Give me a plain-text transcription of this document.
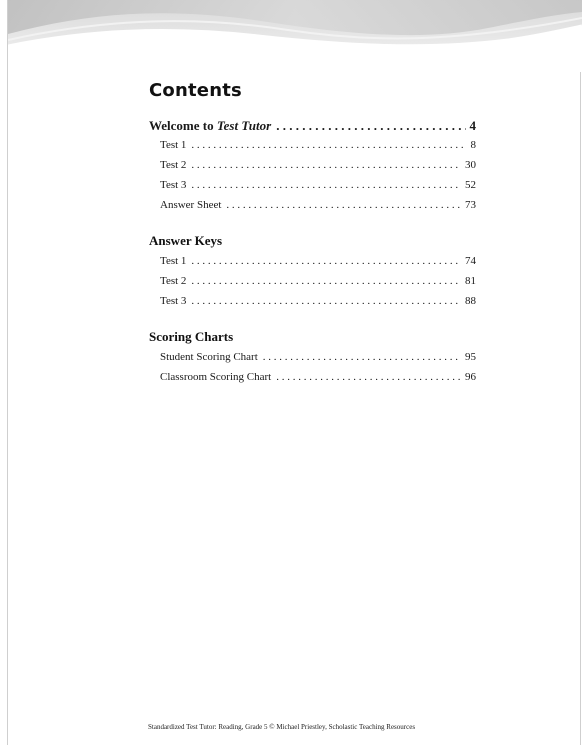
Contents
Welcome to Test Tutor . . .	4
Test 1 . . .	8
Test 2 . . .	30
Test 3 . . .	52
Answer Sheet . . .	73
Answer Keys
Test 1 . . .	74
Test 2 . . .	81
Test 3 . . .	88
Scoring Charts
Student Scoring Chart . . .	95
Classroom Scoring Chart . . .	96
Standardized Test Tutor: Reading, Grade 5 © Michael Priestley, Scholastic Teaching Resources
